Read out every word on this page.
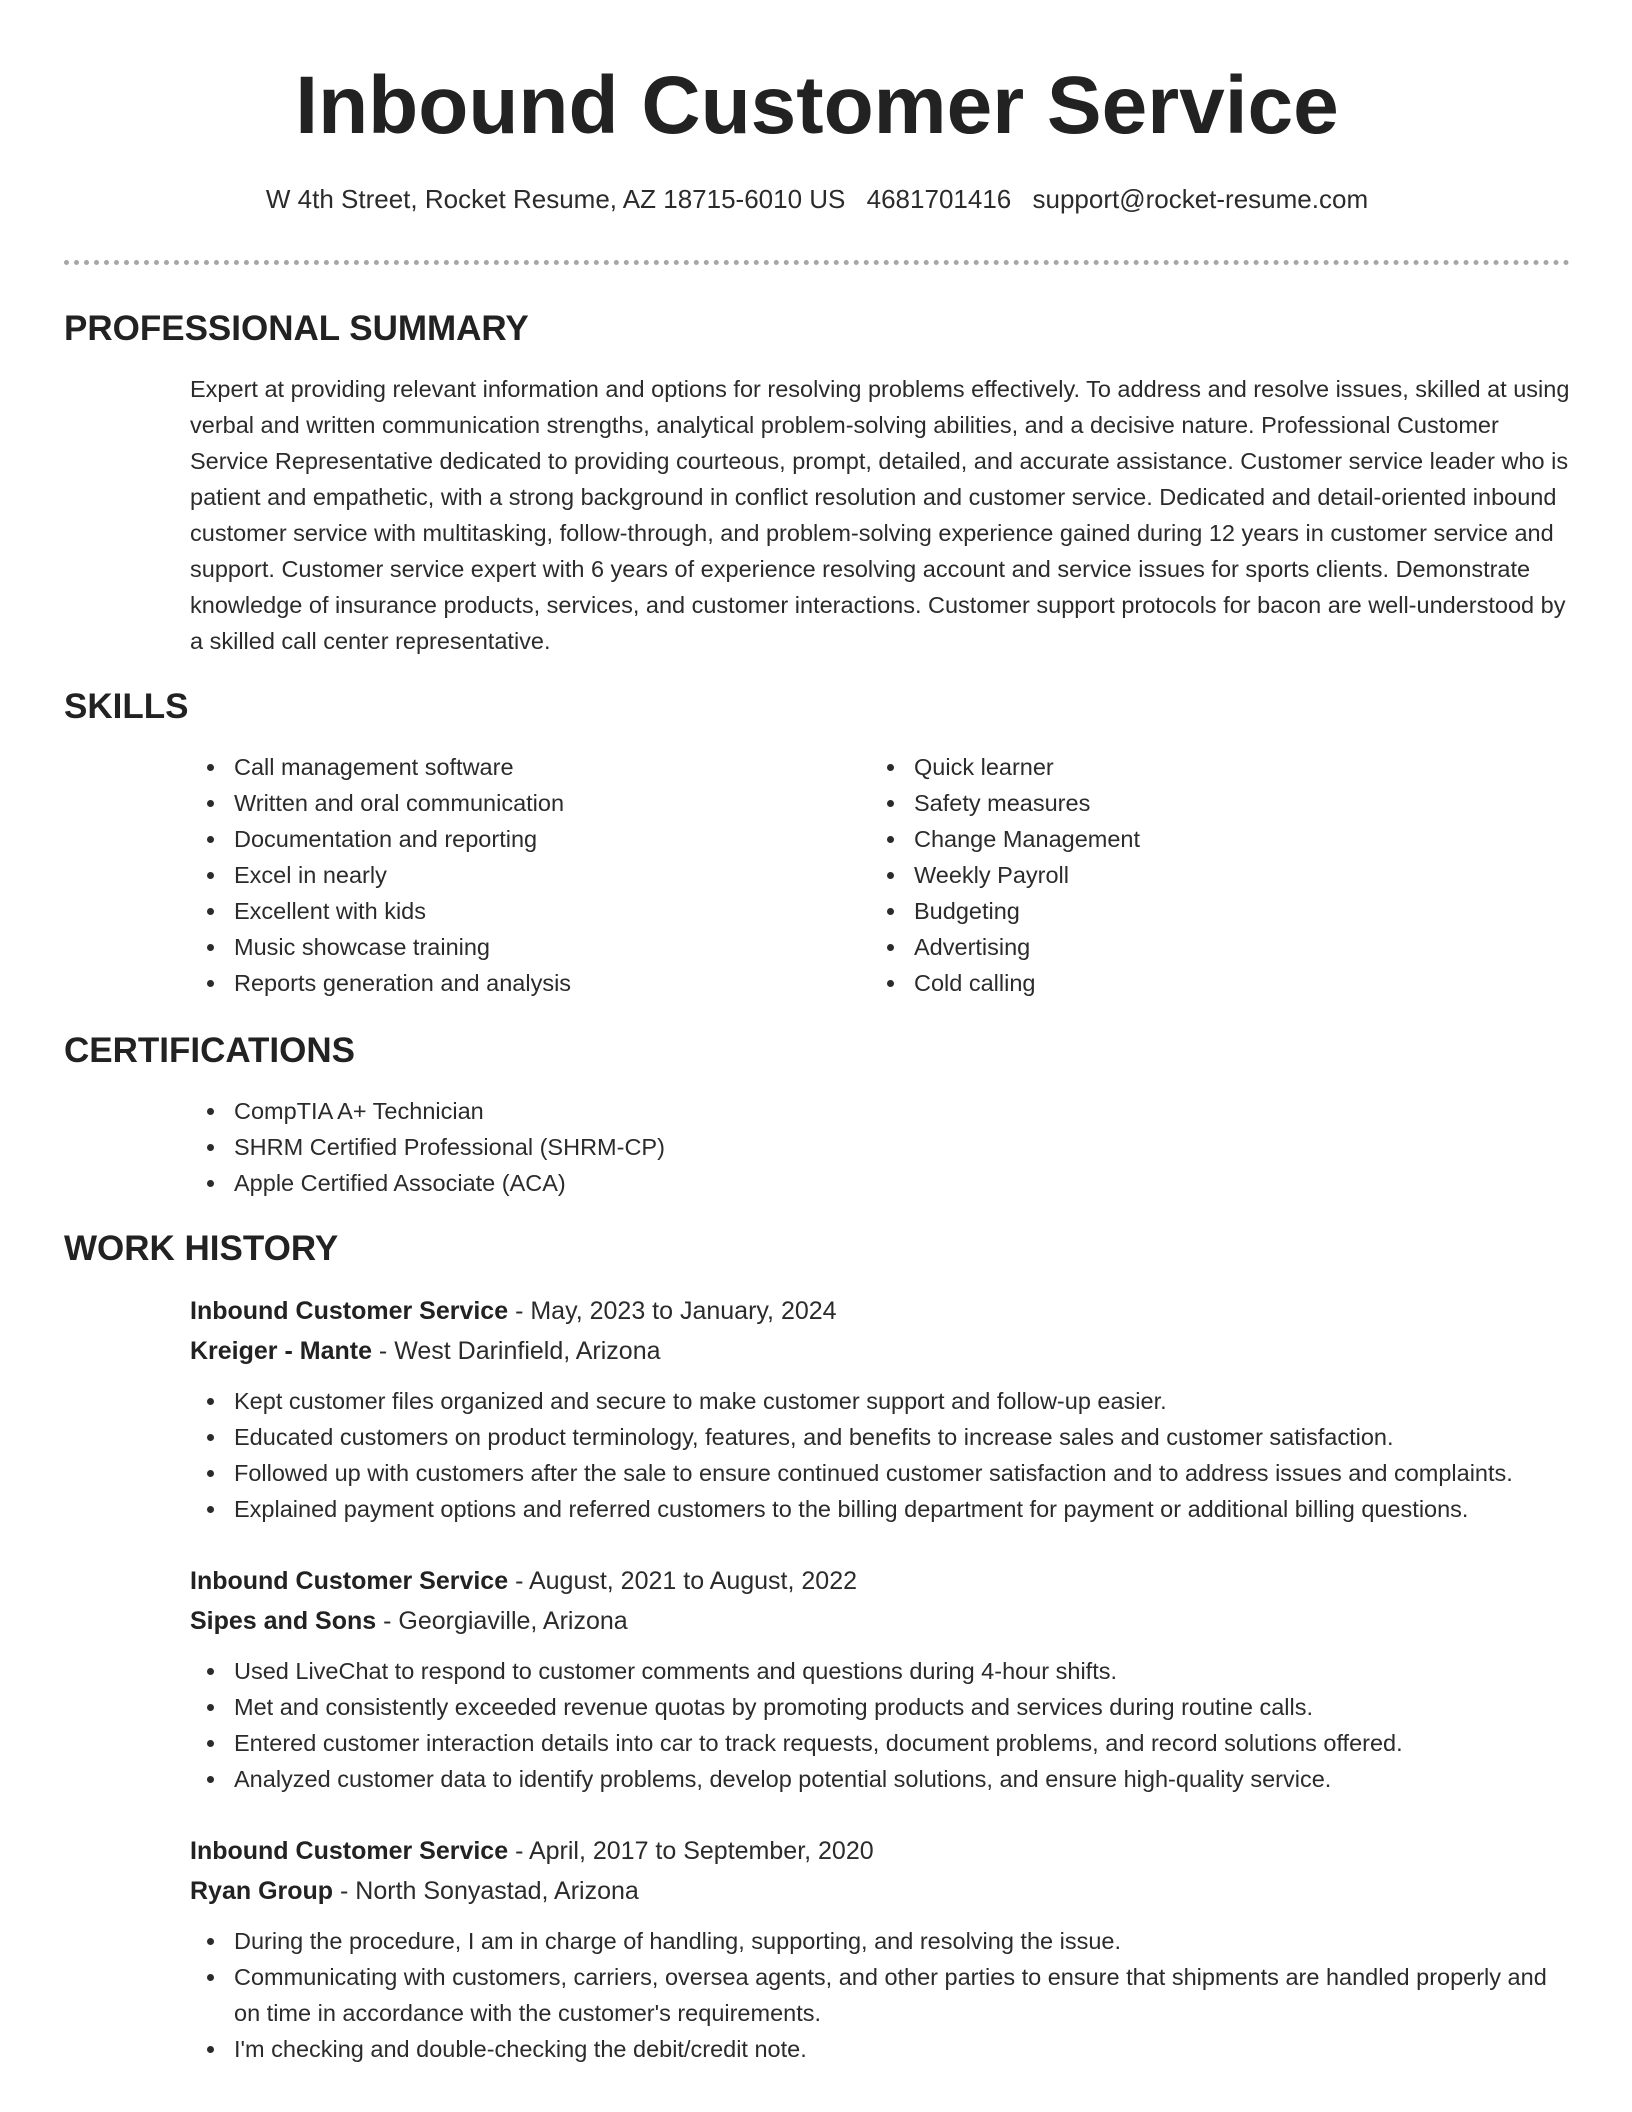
Inbound Customer Service
W 4th Street, Rocket Resume, AZ 18715-6010 US 4681701416 support@rocket-resume.com
PROFESSIONAL SUMMARY

Expert at providing relevant information and options for resolving problems effectively. To address and resolve issues, skilled at using verbal and written communication strengths, analytical problem-solving abilities, and a decisive nature. Professional Customer Service Representative dedicated to providing courteous, prompt, detailed, and accurate assistance. Customer service leader who is patient and empathetic, with a strong background in conflict resolution and customer service. Dedicated and detail-oriented inbound customer service with multitasking, follow-through, and problem-solving experience gained during 12 years in customer service and support. Customer service expert with 6 years of experience resolving account and service issues for sports clients. Demonstrate knowledge of insurance products, services, and customer interactions. Customer support protocols for bacon are well-understood by a skilled call center representative.

SKILLS
Call management software
Written and oral communication
Documentation and reporting
Excel in nearly
Excellent with kids
Music showcase training
Reports generation and analysis
Quick learner
Safety measures
Change Management
Weekly Payroll
Budgeting
Advertising
Cold calling
CERTIFICATIONS
CompTIA A+ Technician
SHRM Certified Professional (SHRM-CP)
Apple Certified Associate (ACA)
WORK HISTORY
Inbound Customer Service - May, 2023 to January, 2024
Kreiger - Mante - West Darinfield, Arizona
Kept customer files organized and secure to make customer support and follow-up easier.
Educated customers on product terminology, features, and benefits to increase sales and customer satisfaction.
Followed up with customers after the sale to ensure continued customer satisfaction and to address issues and complaints.
Explained payment options and referred customers to the billing department for payment or additional billing questions.
Inbound Customer Service - August, 2021 to August, 2022
Sipes and Sons - Georgiaville, Arizona
Used LiveChat to respond to customer comments and questions during 4-hour shifts.
Met and consistently exceeded revenue quotas by promoting products and services during routine calls.
Entered customer interaction details into car to track requests, document problems, and record solutions offered.
Analyzed customer data to identify problems, develop potential solutions, and ensure high-quality service.
Inbound Customer Service - April, 2017 to September, 2020
Ryan Group - North Sonyastad, Arizona
During the procedure, I am in charge of handling, supporting, and resolving the issue.
Communicating with customers, carriers, oversea agents, and other parties to ensure that shipments are handled properly and on time in accordance with the customer's requirements.
I'm checking and double-checking the debit/credit note.
